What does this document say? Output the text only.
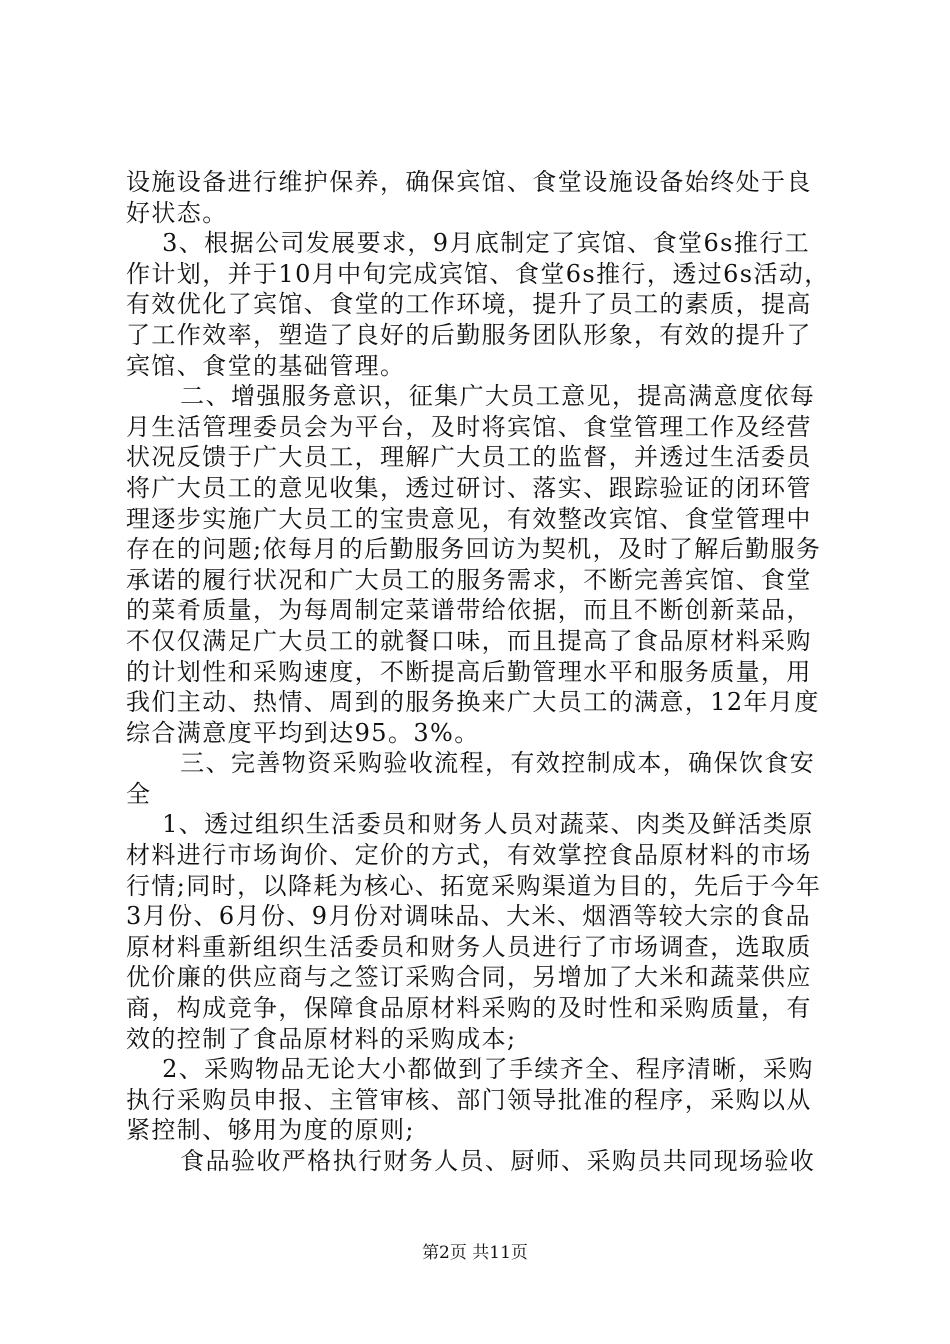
设施设备进行维护保养，确保宾馆、食堂设施设备始终处于良
好状态。
3、根据公司发展要求，9月底制定了宾馆、食堂6s推行工
作计划，并于10月中旬完成宾馆、食堂6s推行，透过6s活动，
有效优化了宾馆、食堂的工作环境，提升了员工的素质，提高
了工作效率，塑造了良好的后勤服务团队形象，有效的提升了
宾馆、食堂的基础管理。
二、增强服务意识，征集广大员工意见，提高满意度依每
月生活管理委员会为平台，及时将宾馆、食堂管理工作及经营
状况反馈于广大员工，理解广大员工的监督，并透过生活委员
将广大员工的意见收集，透过研讨、落实、跟踪验证的闭环管
理逐步实施广大员工的宝贵意见，有效整改宾馆、食堂管理中
存在的问题;依每月的后勤服务回访为契机，及时了解后勤服务
承诺的履行状况和广大员工的服务需求，不断完善宾馆、食堂
的菜肴质量，为每周制定菜谱带给依据，而且不断创新菜品，
不仅仅满足广大员工的就餐口味，而且提高了食品原材料采购
的计划性和采购速度，不断提高后勤管理水平和服务质量，用
我们主动、热情、周到的服务换来广大员工的满意，12年月度
综合满意度平均到达95。3%。
三、完善物资采购验收流程，有效控制成本，确保饮食安
全
1、透过组织生活委员和财务人员对蔬菜、肉类及鲜活类原
材料进行市场询价、定价的方式，有效掌控食品原材料的市场
行情;同时，以降耗为核心、拓宽采购渠道为目的，先后于今年
3月份、6月份、9月份对调味品、大米、烟酒等较大宗的食品
原材料重新组织生活委员和财务人员进行了市场调查，选取质
优价廉的供应商与之签订采购合同，另增加了大米和蔬菜供应
商，构成竞争，保障食品原材料采购的及时性和采购质量，有
效的控制了食品原材料的采购成本;
2、采购物品无论大小都做到了手续齐全、程序清晰，采购
执行采购员申报、主管审核、部门领导批准的程序，采购以从
紧控制、够用为度的原则;
食品验收严格执行财务人员、厨师、采购员共同现场验收
第2页 共11页
